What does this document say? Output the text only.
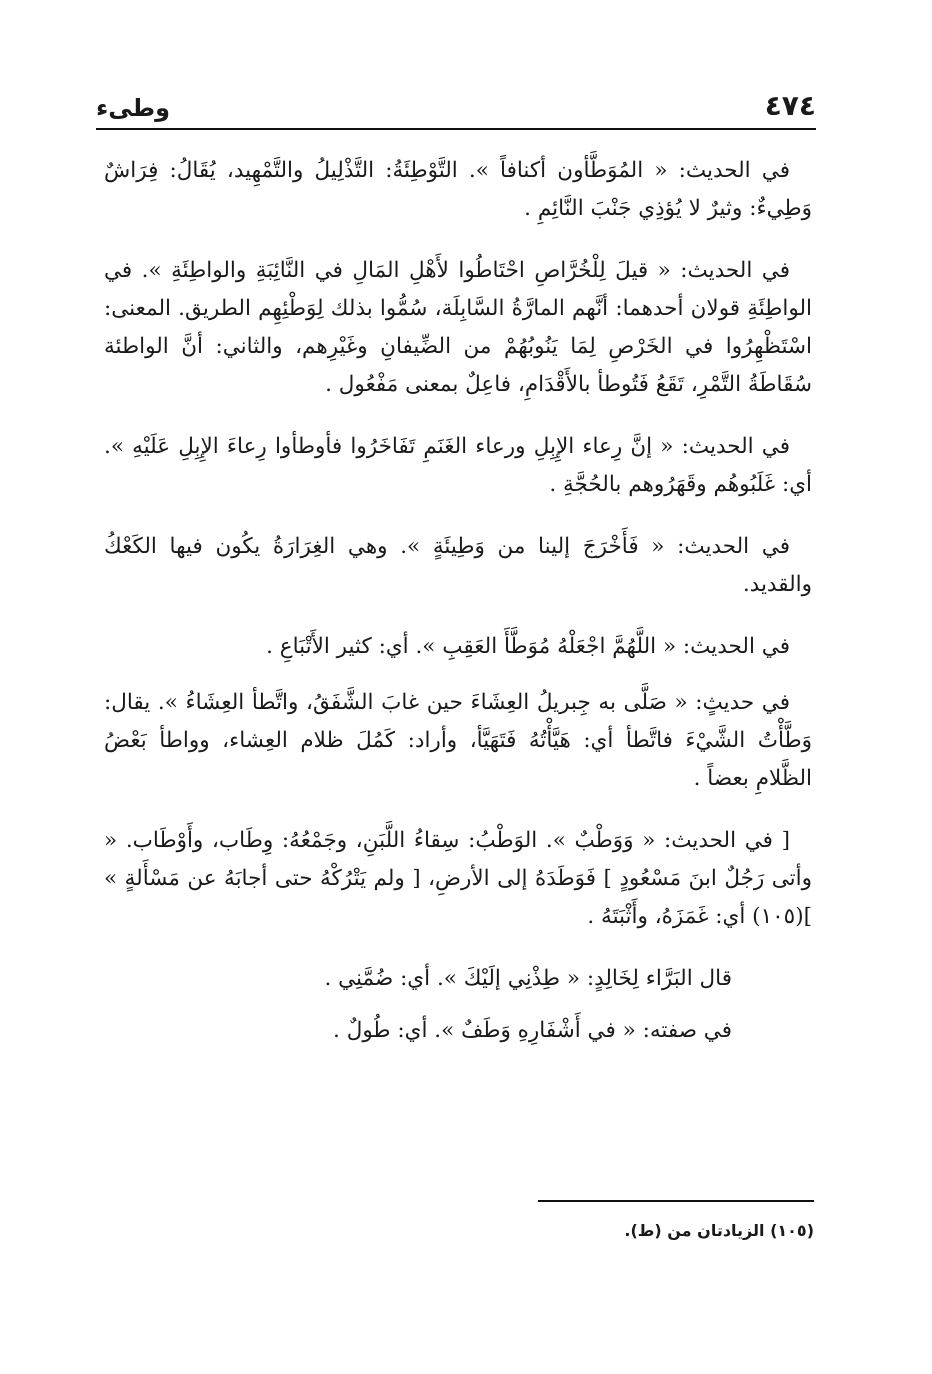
٤٧٤
وطىء

في الحديث: « المُوَطَّأون أكنافاً ». التَّوْطِئَةُ: التَّذْلِيلُ والتَّمْهِيد، يُقَالُ: فِرَاشٌ وَطِيءٌ: وثيرٌ لا يُؤذِي جَنْبَ النَّائِمِ .

في الحديث: « قيلَ لِلْخُرَّاصِ احْتَاطُوا لأَهْلِ المَالِ في النَّائِبَةِ والواطِئَةِ ». في الواطِئَةِ قولان أحدهما: أنَّهم المارَّةُ السَّابِلَة، سُمُّوا بذلك لِوَطْئِهِم الطريق. المعنى: اسْتَظْهِرُوا في الخَرْصِ لِمَا يَنُوبُهُمْ من الضِّيفانِ وغَيْرِهم، والثاني: أنَّ الواطئة سُقَاطَةُ التَّمْرِ، تَقَعُ فَتُوطأ بالأَقْدَامِ، فاعِلٌ بمعنى مَفْعُول .

في الحديث: « إنَّ رِعاء الإِبِلِ ورعاء الغَنَمِ تَفَاخَرُوا فأوطأوا رِعاءَ الإِبِلِ عَلَيْهِ ». أي: غَلَبُوهُم وقَهَرُوهم بالحُجَّةِ .

في الحديث: « فَأَخْرَجَ إلينا من وَطِيئَةٍ ». وهي الغِرَارَةُ يكُون فيها الكَعْكُ والقديد.

في الحديث: « اللَّهُمَّ اجْعَلْهُ مُوَطَّأَ العَقِبِ ». أي: كثير الأَتْبَاعِ .

في حديثٍ: « صَلَّى به جِبريلُ العِشَاءَ حين غابَ الشَّفَقُ، واتَّطأ العِشَاءُ ». يقال: وَطَّأْتُ الشَّيْءَ فاتَّطأ أي: هَيَّأْتُهُ فَتَهَيَّأ، وأراد: كَمُلَ ظلام العِشاء، وواطأ بَعْضُ الظَّلامِ بعضاً .

[ في الحديث: « وَوَطْبٌ ». الوَطْبُ: سِقاءُ اللَّبَنِ، وجَمْعُهُ: وِطَاب، وأَوْطَاب. « وأتى رَجُلٌ ابنَ مَسْعُودٍ ] فَوَطَدَهُ إلى الأرضِ، [ ولم يَتْرُكْهُ حتى أجابَهُ عن مَسْأَلةٍ » ](١٠٥) أي: غَمَزَهُ، وأَثْبَتَهُ .

قال البَرَّاء لِخَالِدٍ: « طِذْنِي إلَيْكَ ». أي: ضُمَّنِي .

في صفته: « في أَشْفَارِهِ وَطَفٌ ». أي: طُولٌ .

(١٠٥) الزيادتان من (ط).
